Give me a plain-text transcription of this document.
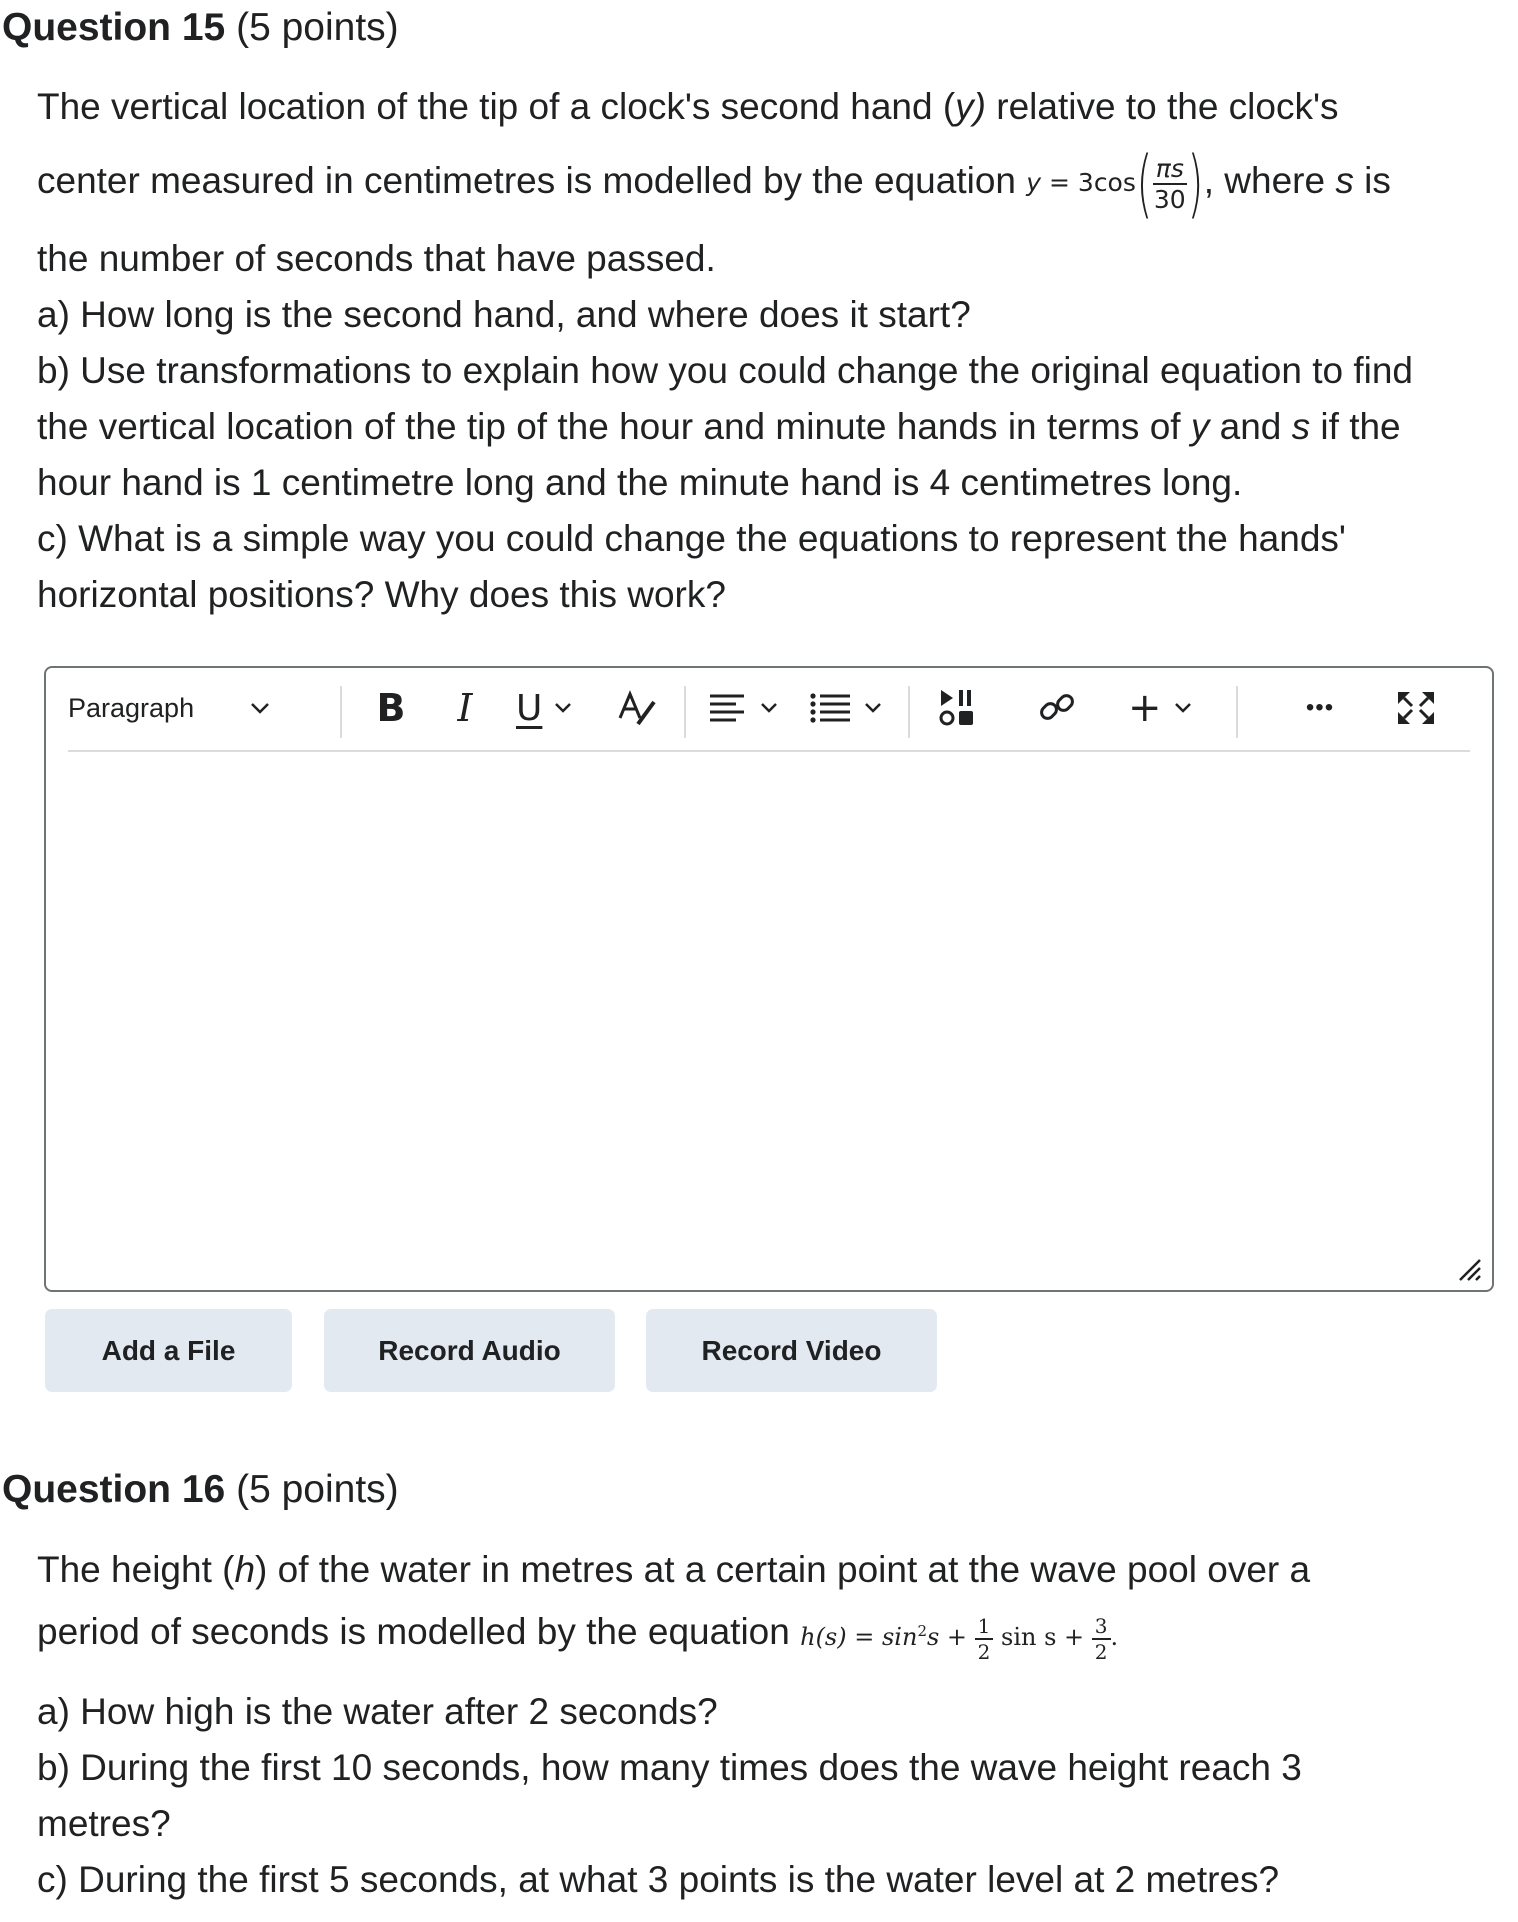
Question 15 (5 points)
The vertical location of the tip of a clock's second hand (y) relative to the clock's
center measured in centimetres is modelled by the equation $y = 3\cos( \frac{\pi s}{30}$ ), where s is
the number of seconds that have passed.
a) How long is the second hand, and where does it start?
b) Use transformations to explain how you could change the original equation to find
the vertical location of the tip of the hour and minute hands in terms of y and s if the
hour hand is 1 centimetre long and the minute hand is 4 centimetres long.
c) What is a simple way you could change the equations to represent the hands'
horizontal positions? Why does this work?
Paragraph	B	I	U	+	•••
Add a File	Record Audio	Record Video
Question 16 (5 points)
The height (h) of the water in metres at a certain point at the wave pool over a
period of seconds is modelled by the equation $h(s) = \sin^2s + \frac{1}{2}$ $\sin s + \frac{3}{2}$ .
a) How high is the water after 2 seconds?
b) During the first 10 seconds, how many times does the wave height reach 3
metres?
c) During the first 5 seconds, at what 3 points is the water level at 2 metres?
